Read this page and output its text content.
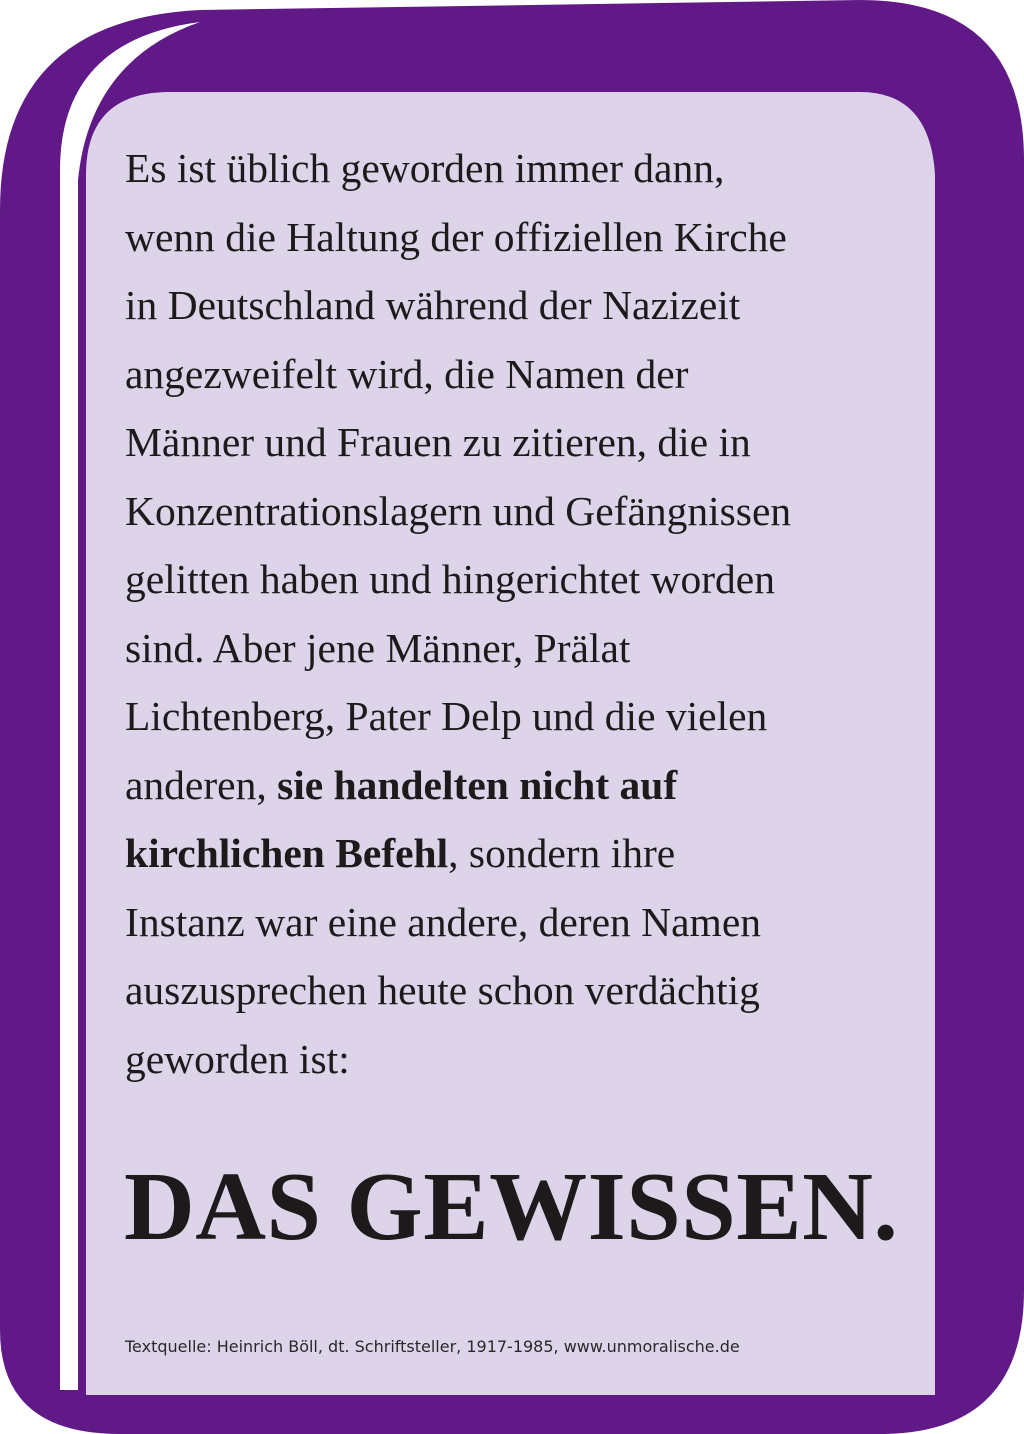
Es ist üblich geworden immer dann,
wenn die Haltung der offiziellen Kirche
in Deutschland während der Nazizeit
angezweifelt wird, die Namen der
Männer und Frauen zu zitieren, die in
Konzentrationslagern und Gefängnissen
gelitten haben und hingerichtet worden
sind. Aber jene Männer, Prälat
Lichtenberg, Pater Delp und die vielen
anderen, sie handelten nicht auf
kirchlichen Befehl, sondern ihre
Instanz war eine andere, deren Namen
auszusprechen heute schon verdächtig
geworden ist:

DAS GEWISSEN.

Textquelle: Heinrich Böll, dt. Schriftsteller, 1917-1985, www.unmoralische.de
